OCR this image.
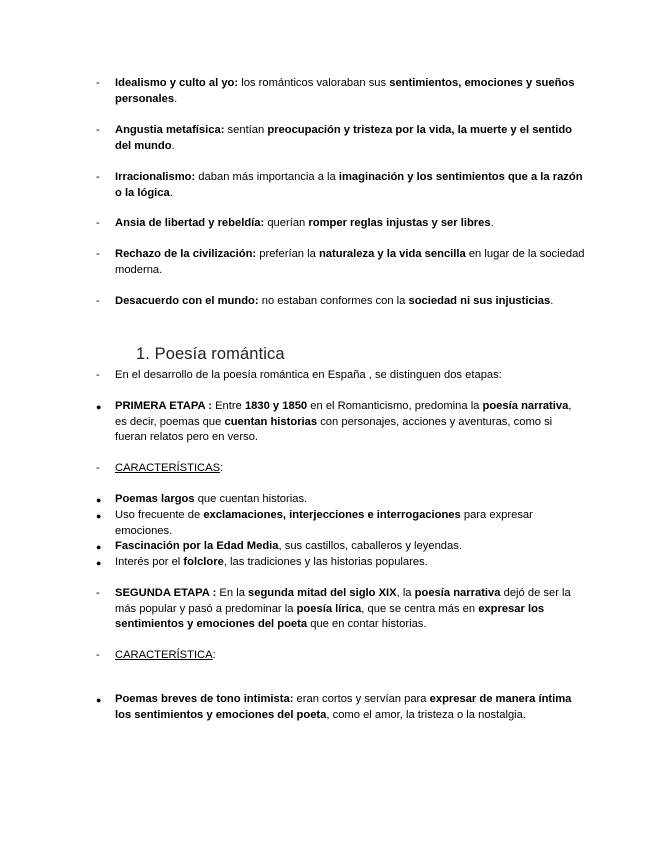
-	Idealismo y culto al yo: los románticos valoraban sus sentimientos, emociones y sueños personales.
-	Angustia metafísica: sentían preocupación y tristeza por la vida, la muerte y el sentido del mundo.
-	Irracionalismo: daban más importancia a la imaginación y los sentimientos que a la razón o la lógica.
-	Ansia de libertad y rebeldía: querían romper reglas injustas y ser libres.
-	Rechazo de la civilización: preferían la naturaleza y la vida sencilla en lugar de la sociedad moderna.
-	Desacuerdo con el mundo: no estaban conformes con la sociedad ni sus injusticias.
1. Poesía romántica
-	En el desarrollo de la poesía romántica en España , se distinguen dos etapas:
●	PRIMERA ETAPA : Entre 1830 y 1850 en el Romanticismo, predomina la poesía narrativa, es decir, poemas que cuentan historias con personajes, acciones y aventuras, como si fueran relatos pero en verso.
-	CARACTERÍSTICAS:
●	Poemas largos que cuentan historias.
●	Uso frecuente de exclamaciones, interjecciones e interrogaciones para expresar emociones.
●	Fascinación por la Edad Media, sus castillos, caballeros y leyendas.
●	Interés por el folclore, las tradiciones y las historias populares.
-	SEGUNDA ETAPA : En la segunda mitad del siglo XIX, la poesía narrativa dejó de ser la más popular y pasó a predominar la poesía lírica, que se centra más en expresar los sentimientos y emociones del poeta que en contar historias.
-	CARACTERÍSTICA:
●	Poemas breves de tono intimista: eran cortos y servían para expresar de manera íntima los sentimientos y emociones del poeta, como el amor, la tristeza o la nostalgia.
